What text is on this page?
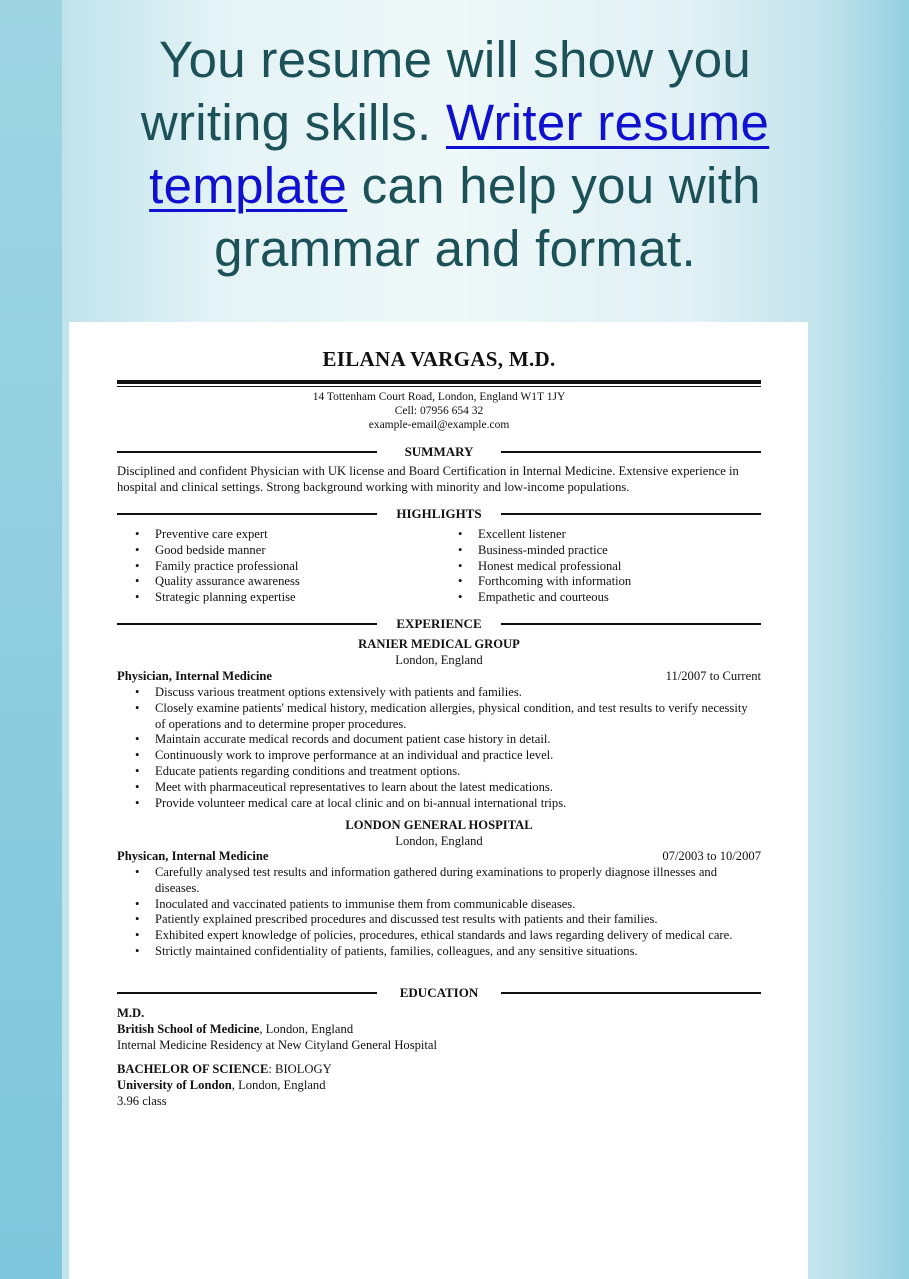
You resume will show you writing skills. Writer resume template can help you with grammar and format.
EILANA VARGAS, M.D.
14 Tottenham Court Road, London, England W1T 1JY
Cell: 07956 654 32
example-email@example.com
SUMMARY
Disciplined and confident Physician with UK license and Board Certification in Internal Medicine. Extensive experience in hospital and clinical settings. Strong background working with minority and low-income populations.
HIGHLIGHTS
• Preventive care expert
• Good bedside manner
• Family practice professional
• Quality assurance awareness
• Strategic planning expertise
• Excellent listener
• Business-minded practice
• Honest medical professional
• Forthcoming with information
• Empathetic and courteous
EXPERIENCE
RANIER MEDICAL GROUP
London, England
Physician, Internal Medicine	11/2007 to Current
• Discuss various treatment options extensively with patients and families.
• Closely examine patients' medical history, medication allergies, physical condition, and test results to verify necessity of operations and to determine proper procedures.
• Maintain accurate medical records and document patient case history in detail.
• Continuously work to improve performance at an individual and practice level.
• Educate patients regarding conditions and treatment options.
• Meet with pharmaceutical representatives to learn about the latest medications.
• Provide volunteer medical care at local clinic and on bi-annual international trips.
LONDON GENERAL HOSPITAL
London, England
Physican, Internal Medicine	07/2003 to 10/2007
• Carefully analysed test results and information gathered during examinations to properly diagnose illnesses and diseases.
• Inoculated and vaccinated patients to immunise them from communicable diseases.
• Patiently explained prescribed procedures and discussed test results with patients and their families.
• Exhibited expert knowledge of policies, procedures, ethical standards and laws regarding delivery of medical care.
• Strictly maintained confidentiality of patients, families, colleagues, and any sensitive situations.
EDUCATION
M.D.
British School of Medicine, London, England
Internal Medicine Residency at New Cityland General Hospital
BACHELOR OF SCIENCE: BIOLOGY
University of London, London, England
3.96 class
